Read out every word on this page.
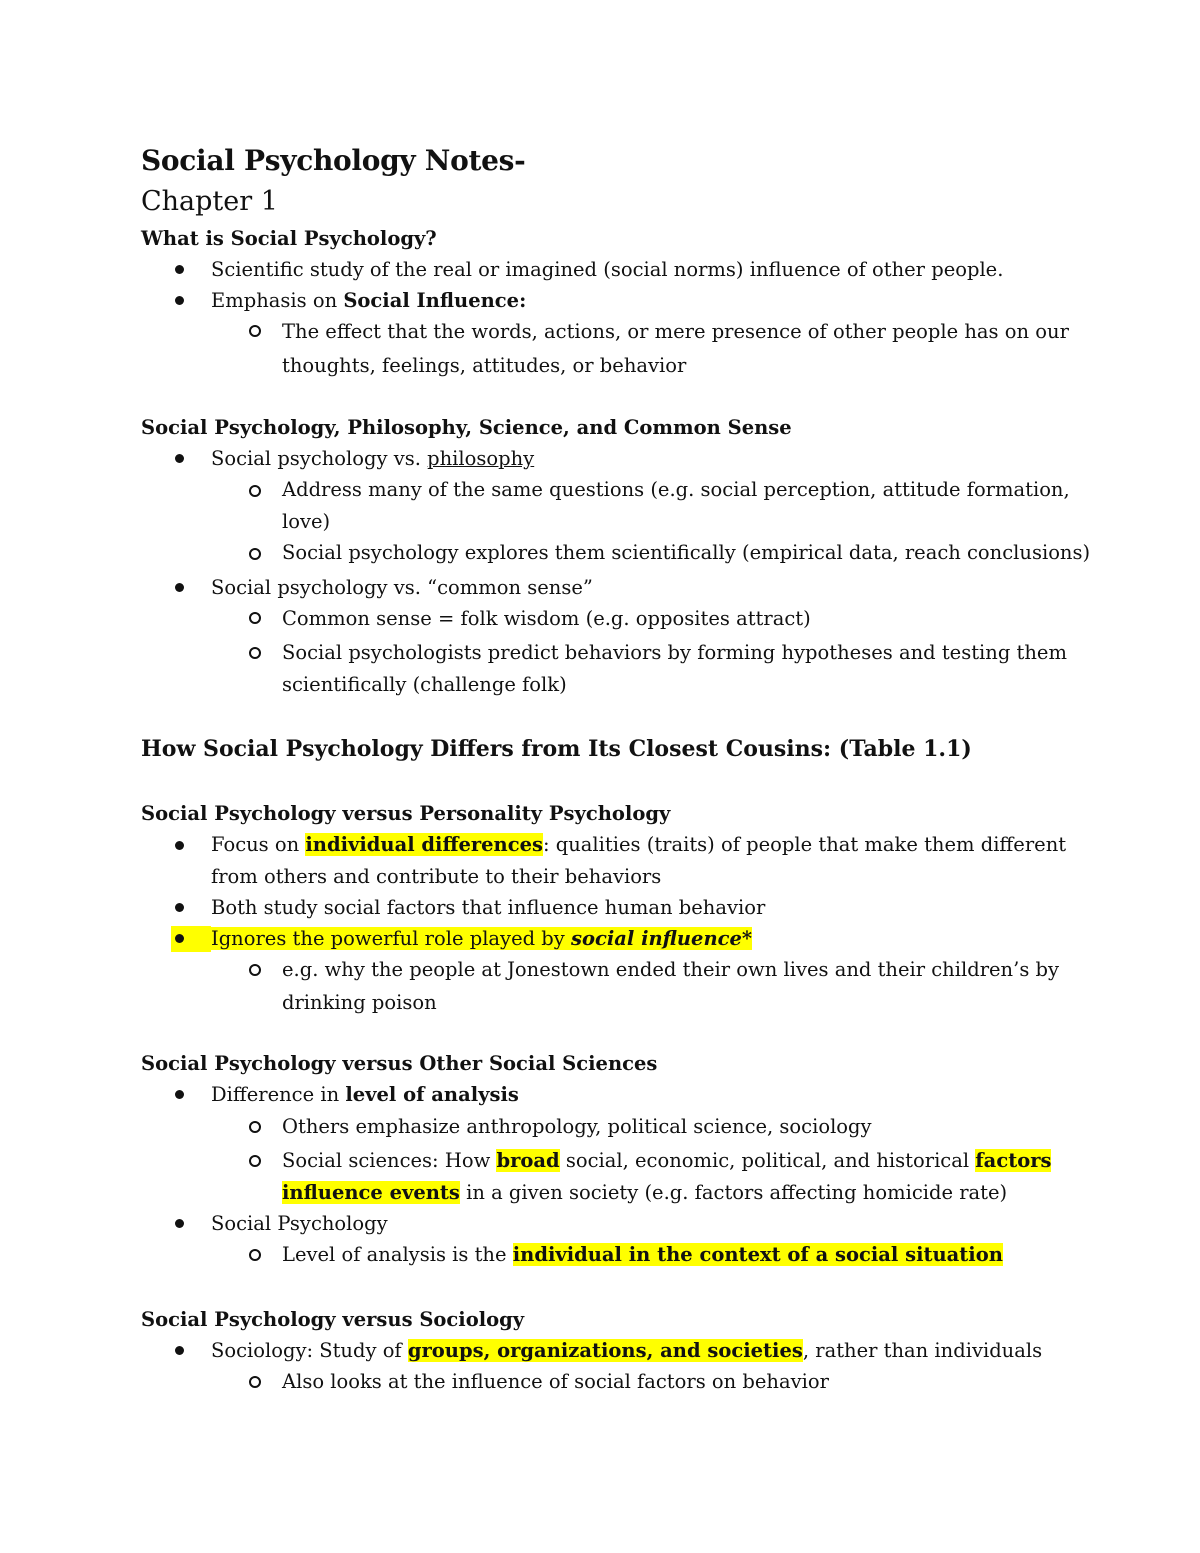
Social Psychology Notes-
Chapter 1
What is Social Psychology?
Scientific study of the real or imagined (social norms) influence of other people.
Emphasis on Social Influence:
The effect that the words, actions, or mere presence of other people has on our
thoughts, feelings, attitudes, or behavior
Social Psychology, Philosophy, Science, and Common Sense
Social psychology vs. philosophy
Address many of the same questions (e.g. social perception, attitude formation,
love)
Social psychology explores them scientifically (empirical data, reach conclusions)
Social psychology vs. “common sense”
Common sense = folk wisdom (e.g. opposites attract)
Social psychologists predict behaviors by forming hypotheses and testing them
scientifically (challenge folk)
How Social Psychology Differs from Its Closest Cousins: (Table 1.1)
Social Psychology versus Personality Psychology
Focus on individual differences: qualities (traits) of people that make them different
from others and contribute to their behaviors
Both study social factors that influence human behavior
Ignores the powerful role played by social influence*
e.g. why the people at Jonestown ended their own lives and their children’s by
drinking poison
Social Psychology versus Other Social Sciences
Difference in level of analysis
Others emphasize anthropology, political science, sociology
Social sciences: How broad social, economic, political, and historical factors
influence events in a given society (e.g. factors affecting homicide rate)
Social Psychology
Level of analysis is the individual in the context of a social situation
Social Psychology versus Sociology
Sociology: Study of groups, organizations, and societies, rather than individuals
Also looks at the influence of social factors on behavior
